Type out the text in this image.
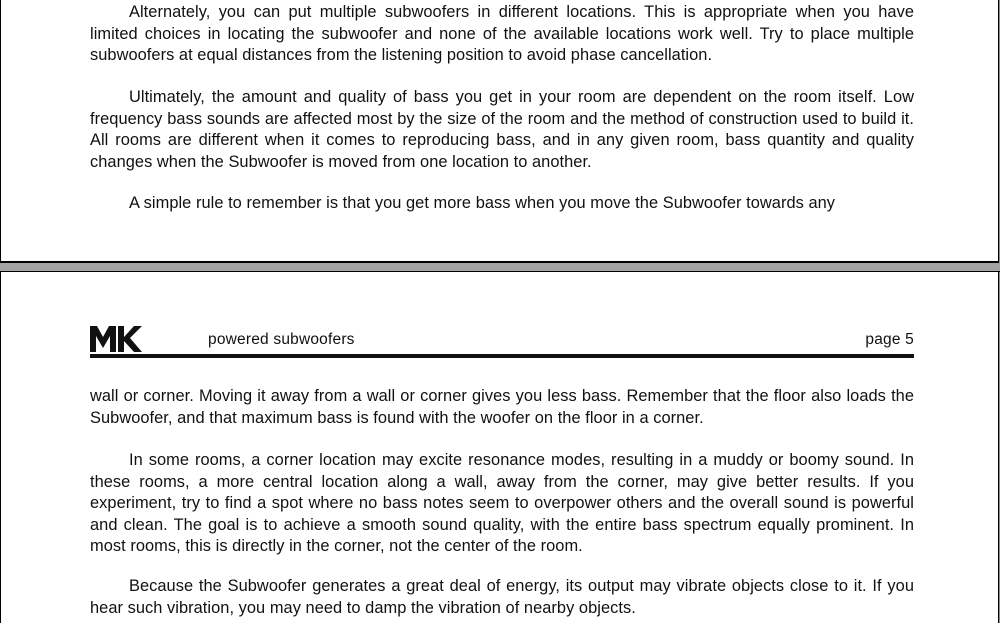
Alternately, you can put multiple subwoofers in different locations. This is appropriate when you have limited choices in locating the subwoofer and none of the available locations work well. Try to place multiple subwoofers at equal distances from the listening position to avoid phase cancellation.

Ultimately, the amount and quality of bass you get in your room are dependent on the room itself. Low frequency bass sounds are affected most by the size of the room and the method of construction used to build it. All rooms are different when it comes to reproducing bass, and in any given room, bass quantity and quality changes when the Subwoofer is moved from one location to another.

A simple rule to remember is that you get more bass when you move the Subwoofer towards any

powered subwoofers	page 5

wall or corner. Moving it away from a wall or corner gives you less bass. Remember that the floor also loads the Subwoofer, and that maximum bass is found with the woofer on the floor in a corner.

In some rooms, a corner location may excite resonance modes, resulting in a muddy or boomy sound. In these rooms, a more central location along a wall, away from the corner, may give better results. If you experiment, try to find a spot where no bass notes seem to overpower others and the overall sound is powerful and clean. The goal is to achieve a smooth sound quality, with the entire bass spectrum equally prominent. In most rooms, this is directly in the corner, not the center of the room.

Because the Subwoofer generates a great deal of energy, its output may vibrate objects close to it. If you hear such vibration, you may need to damp the vibration of nearby objects.
